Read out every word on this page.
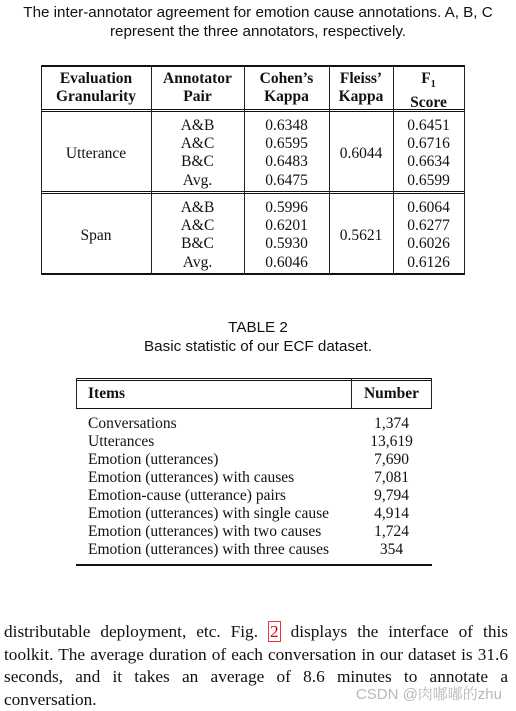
The inter-annotator agreement for emotion cause annotations. A, B, C
represent the three annotators, respectively.
Evaluation
Granularity
Annotator
Pair
Cohen’s
Kappa
Fleiss’
Kappa
$F_1$
Score
Utterance
A&B
A&C
B&C
Avg.
0.6348
0.6595
0.6483
0.6475
0.6044
0.6451
0.6716
0.6634
0.6599
Span
A&B
A&C
B&C
Avg.
0.5996
0.6201
0.5930
0.6046
0.5621
0.6064
0.6277
0.6026
0.6126
TABLE 2
Basic statistic of our ECF dataset.
Items	Number
Conversations
Utterances
Emotion (utterances)
Emotion (utterances) with causes
Emotion-cause (utterance) pairs
Emotion (utterances) with single cause
Emotion (utterances) with two causes
Emotion (utterances) with three causes
1,374
13,619
7,690
7,081
9,794
4,914
1,724
354
distributable deployment, etc. Fig. 2 displays the interface of this toolkit. The average duration of each conversation in our dataset is 31.6 seconds, and it takes an average of 8.6 minutes to annotate a conversation.	CSDN @肉嘟嘟的zhu
